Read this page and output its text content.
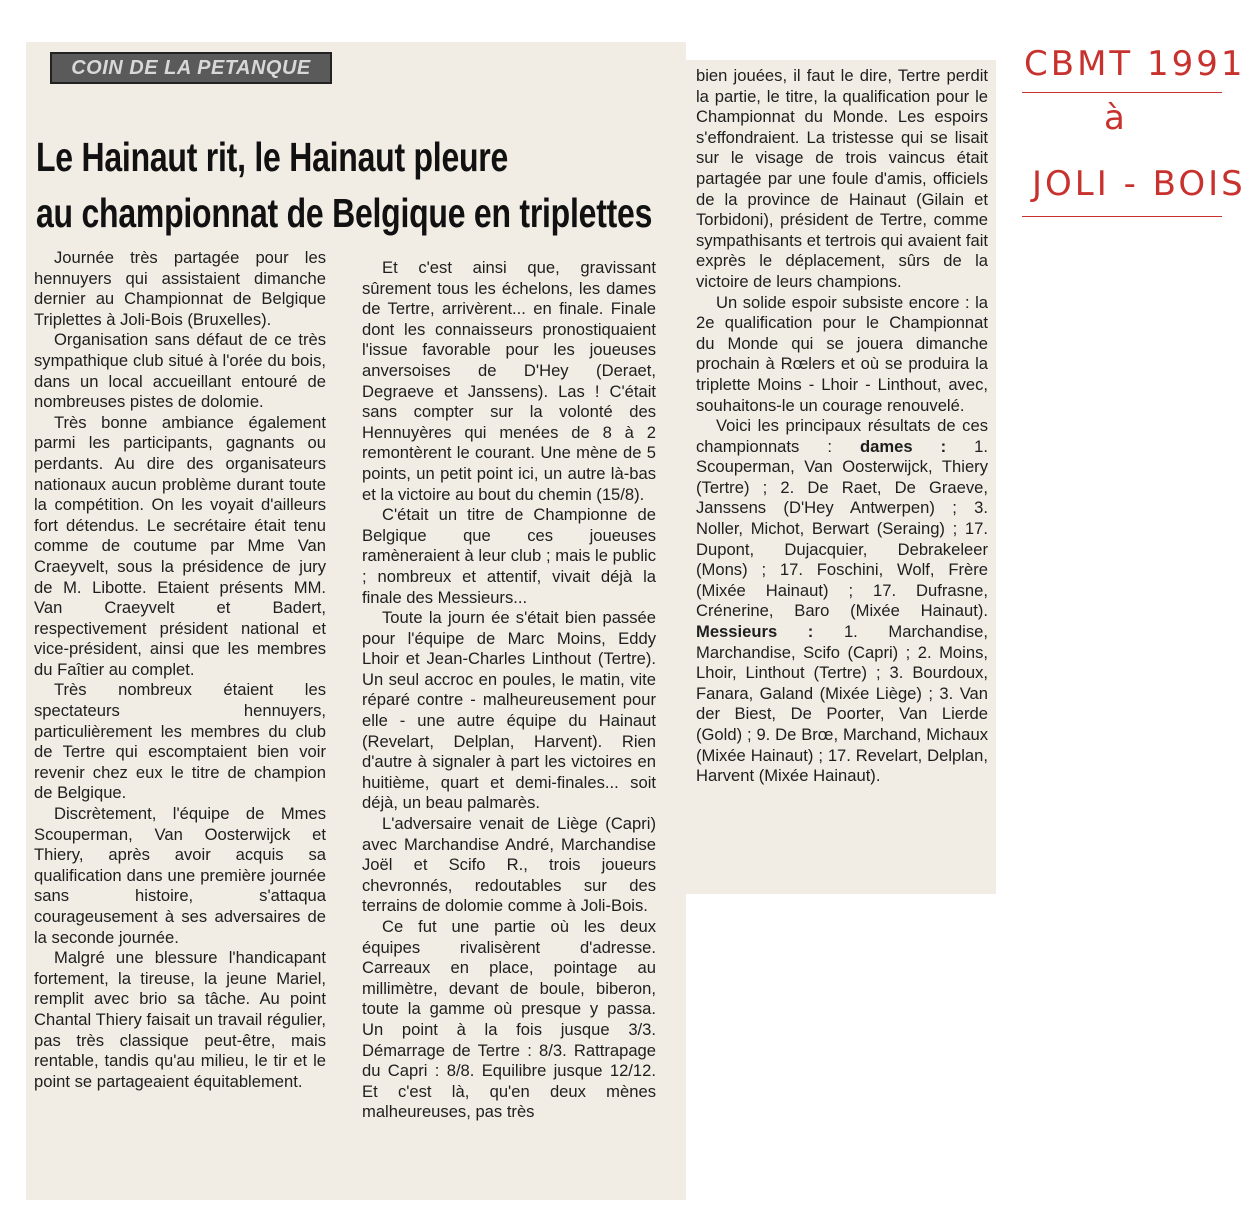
COIN DE LA PETANQUE
Le Hainaut rit, le Hainaut pleure
au championnat de Belgique en triplettes

Journée très partagée pour les hennuyers qui assistaient dimanche dernier au Championnat de Belgique Triplettes à Joli-Bois (Bruxelles).

Organisation sans défaut de ce très sympathique club situé à l'orée du bois, dans un local accueillant entouré de nombreuses pistes de dolomie.

Très bonne ambiance également parmi les participants, gagnants ou perdants. Au dire des organisateurs nationaux aucun problème durant toute la compétition. On les voyait d'ailleurs fort détendus. Le secrétaire était tenu comme de coutume par Mme Van Craeyvelt, sous la présidence de jury de M. Libotte. Etaient présents MM. Van Craeyvelt et Badert, respectivement président national et vice-président, ainsi que les membres du Faîtier au complet.

Très nombreux étaient les spectateurs hennuyers, particulièrement les membres du club de Tertre qui escomptaient bien voir revenir chez eux le titre de champion de Belgique.

Discrètement, l'équipe de Mmes Scouperman, Van Oosterwijck et Thiery, après avoir acquis sa qualification dans une première journée sans histoire, s'attaqua courageusement à ses adversaires de la seconde journée.

Malgré une blessure l'handicapant fortement, la tireuse, la jeune Mariel, remplit avec brio sa tâche. Au point Chantal Thiery faisait un travail régulier, pas très classique peut-être, mais rentable, tandis qu'au milieu, le tir et le point se partageaient équitablement.

Et c'est ainsi que, gravissant sûrement tous les échelons, les dames de Tertre, arrivèrent... en finale. Finale dont les connaisseurs pronostiquaient l'issue favorable pour les joueuses anversoises de D'Hey (Deraet, Degraeve et Janssens). Las ! C'était sans compter sur la volonté des Hennuyères qui menées de 8 à 2 remontèrent le courant. Une mène de 5 points, un petit point ici, un autre là-bas et la victoire au bout du chemin (15/8).

C'était un titre de Championne de Belgique que ces joueuses ramèneraient à leur club ; mais le public ; nombreux et attentif, vivait déjà la finale des Messieurs...

Toute la journ ée s'était bien passée pour l'équipe de Marc Moins, Eddy Lhoir et Jean-Charles Linthout (Tertre). Un seul accroc en poules, le matin, vite réparé contre - malheureusement pour elle - une autre équipe du Hainaut (Revelart, Delplan, Harvent). Rien d'autre à signaler à part les victoires en huitième, quart et demi-finales... soit déjà, un beau palmarès.

L'adversaire venait de Liège (Capri) avec Marchandise André, Marchandise Joël et Scifo R., trois joueurs chevronnés, redoutables sur des terrains de dolomie comme à Joli-Bois.

Ce fut une partie où les deux équipes rivalisèrent d'adresse. Carreaux en place, pointage au millimètre, devant de boule, biberon, toute la gamme où presque y passa. Un point à la fois jusque 3/3. Démarrage de Tertre : 8/3. Rattrapage du Capri : 8/8. Equilibre jusque 12/12. Et c'est là, qu'en deux mènes malheureuses, pas très

bien jouées, il faut le dire, Tertre perdit la partie, le titre, la qualification pour le Championnat du Monde. Les espoirs s'effondraient. La tristesse qui se lisait sur le visage de trois vaincus était partagée par une foule d'amis, officiels de la province de Hainaut (Gilain et Torbidoni), président de Tertre, comme sympathisants et tertrois qui avaient fait exprès le déplacement, sûrs de la victoire de leurs champions.

Un solide espoir subsiste encore : la 2e qualification pour le Championnat du Monde qui se jouera dimanche prochain à Rœlers et où se produira la triplette Moins - Lhoir - Linthout, avec, souhaitons-le un courage renouvelé.

Voici les principaux résultats de ces championnats : dames : 1. Scouperman, Van Oosterwijck, Thiery (Tertre) ; 2. De Raet, De Graeve, Janssens (D'Hey Antwerpen) ; 3. Noller, Michot, Berwart (Seraing) ; 17. Dupont, Dujacquier, Debrakeleer (Mons) ; 17. Foschini, Wolf, Frère (Mixée Hainaut) ; 17. Dufrasne, Crénerine, Baro (Mixée Hainaut). Messieurs : 1. Marchandise, Marchandise, Scifo (Capri) ; 2. Moins, Lhoir, Linthout (Tertre) ; 3. Bourdoux, Fanara, Galand (Mixée Liège) ; 3. Van der Biest, De Poorter, Van Lierde (Gold) ; 9. De Brœ, Marchand, Michaux (Mixée Hainaut) ; 17. Revelart, Delplan, Harvent (Mixée Hainaut).

CBMT 1991
à
JOLI - BOIS
